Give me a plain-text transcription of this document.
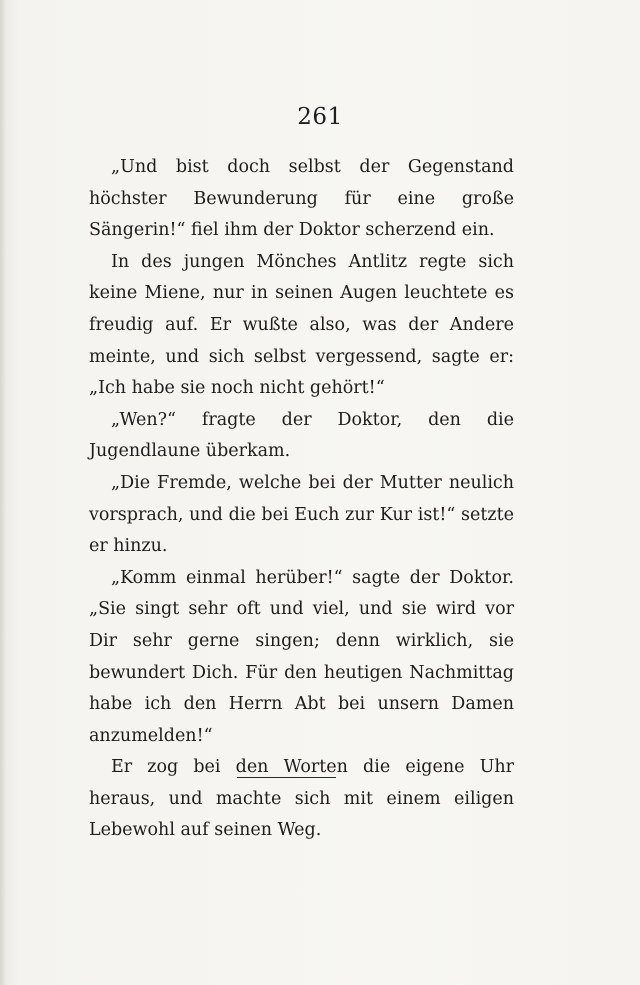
261

„Und bist doch selbst der Gegenstand höchster Bewunderung für eine große Sängerin!“ fiel ihm der Doktor scherzend ein.

In des jungen Mönches Antlitz regte sich keine Miene, nur in seinen Augen leuchtete es freudig auf. Er wußte also, was der Andere meinte, und sich selbst vergessend, sagte er: „Ich habe sie noch nicht gehört!“

„Wen?“ fragte der Doktor, den die Jugendlaune überkam.

„Die Fremde, welche bei der Mutter neulich vorsprach, und die bei Euch zur Kur ist!“ setzte er hinzu.

„Komm einmal herüber!“ sagte der Doktor. „Sie singt sehr oft und viel, und sie wird vor Dir sehr gerne singen; denn wirklich, sie bewundert Dich. Für den heutigen Nachmittag habe ich den Herrn Abt bei unsern Damen anzumelden!“

Er zog bei den Worten die eigene Uhr heraus, und machte sich mit einem eiligen Lebewohl auf seinen Weg.
